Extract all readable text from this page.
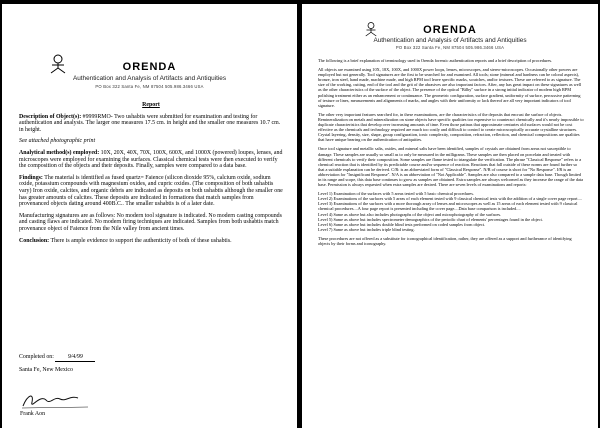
ORENDA
Authentication and Analysis of Artifacts and Antiquities
PO Box 322 Santa Fe, NM 87504 505.986.3466 USA

Report

Description of Object(s): #9999RMO- Two ushabtis were submitted for examination and testing for authentication and analysis. The larger one measures 17.5 cm. in height and the smaller one measures 10.7 cm. in height.

See attached photographic print

Analytical method(s) employed: 10X, 20X, 40X, 70X, 100X, 600X, and 1000X (powered) loupes, lenses, and microscopes were employed for examining the surfaces. Classical chemical tests were then executed to verify the composition of the objects and their deposits. Finally, samples were compared to a data base.

Findings: The material is identified as fused quartz= Faience (silicon dioxide 95%, calcium oxide, sodium oxide, potassium compounds with magnesium oxides, and cupric oxides. (The composition of both ushabtis vary) Iron oxide, calcites, and organic debris are indicated as deposits on both ushabtis although the smaller one has greater amounts of calcites. These deposits are indicated in formations that match samples from provenanced objects dating around 400B.C.. The smaller ushabtis is of a later date.

Manufacturing signatures are as follows: No modern tool signature is indicated. No modern casting compounds and casting flaws are indicated. No modern firing techniques are indicated. Samples from both ushabtis match provenance object of Faience from the Nile valley from ancient times.

Conclusion: There is ample evidence to support the authenticity of both of these ushabtis.

Completed on: 9/4/99

Santa Fe, New Mexico

Frank Aon
ORENDA
Authentication and Analysis of Artifacts and Antiquities
PO Box 322 Santa Fe, NM 87504 505.986.3466 USA

The following is a brief explanation of terminology used in Orenda forensic authentication reports and a brief description of procedures.

All objects are examined using 10X, 18X, 100X, and 1000X power loops, lenses, microscopes, and stereo-microscopes. Occasionally other powers are employed but not generally. Tool signatures are the first to be searched for and examined. All tools; stone (mineral and hardness can be coloral aspects), bronze, iron steel, hand made, machine made, and high RPM tool leave specific marks, scratches, and/or textures. These are referred to as signature. The size of the working, cutting, end of the tool and the grit of the abrasives are also important factors. After, any has great impact on these signatures as well as the other characteristics of the surface of the object. The presence of the optical "Bilby" surface in a strong initial indicator of modern high RPM polishing treatment either as an enhancement or continuance. The geometric configuration, surface gradient, uniformity of surface, percussive patterning of texture or lines, measurements and alignments of marks, and angles with their uniformity or lack thereof are all very important indicators of tool signature.

The other very important features searched for, in these examinations, are the characteristics of the deposits that encrust the surface of objects. Remineralization on metals and mineralization on stone objects have specific qualities too expensive to counteract chemically and it's nearly impossible to duplicate characteristics that develop over increasing amounts of time. Even those patinas that approximate centuries old surfaces would not be cost effective as the chemicals and technology required are much too costly and difficult to control to create microscopically accurate crystalline structures. Crystal layering, density, size, shape, group configuration, ionic complexity, composition, refraction, reflection, and chemical compositions are qualities that have unique bearing on the authentication of antiquities.

Once tool signature and metallic salts, oxides, and mineral salts have been identified, samples of crystals are obtained from areas not susceptible to damage. These samples are usually so small as to only be measured in the milligrams. These samples are then placed on porcelain and treated with different chemicals to verify their composition. Some samples are flame tested to triangulate the verification. The phrase "Classical Response" refers to a chemical reaction that is identified by its predictable course and/or sequence of reaction. Reactions that fall outside of these norms are found further so that a suitable explanation can be derived. C/R: is an abbreviated form of "Classical Response". N/R of course is short for "No Response". I/R is an abbreviation for "Insignificant Response". N/A is an abbreviation of "Not Applicable". Samples are also compared to a sample data base. Though limited in its range and scope, this data base continues to grow as samples are obtained. Extra samples are always welcomed as they increase the range of the data base. Permission is always requested when extra samples are desired. There are seven levels of examinations and reports:

Level 1) Examination of the surfaces with 5 areas tested with 5 basic chemical procedures.
Level 2) Examinations of the surfaces with 5 areas of each element tested with 9 classical chemical tests with the addition of a single cover page report....
Level 3) Examinations of the surfaces with a more thorough array of lenses and microscopes as well as 15 areas of each element tested with 9 classical chemical procedures....A four page report is presented including the cover page....Data base comparison is included....
Level 4) Same as above but also includes photographs of the object and microphotography of the surfaces.
Level 5) Same as above but includes spectrometer demographics of the periodic chart of elements' percentages found in the object.
Level 6) Same as above but includes double blind tests preformed on coded samples from object.
Level 7) Same as above but includes triple blind testing.

These procedures are not offered as a substitute for iconographical identification, rather, they are offered as a support and furtherance of identifying objects by their forms and iconography.
